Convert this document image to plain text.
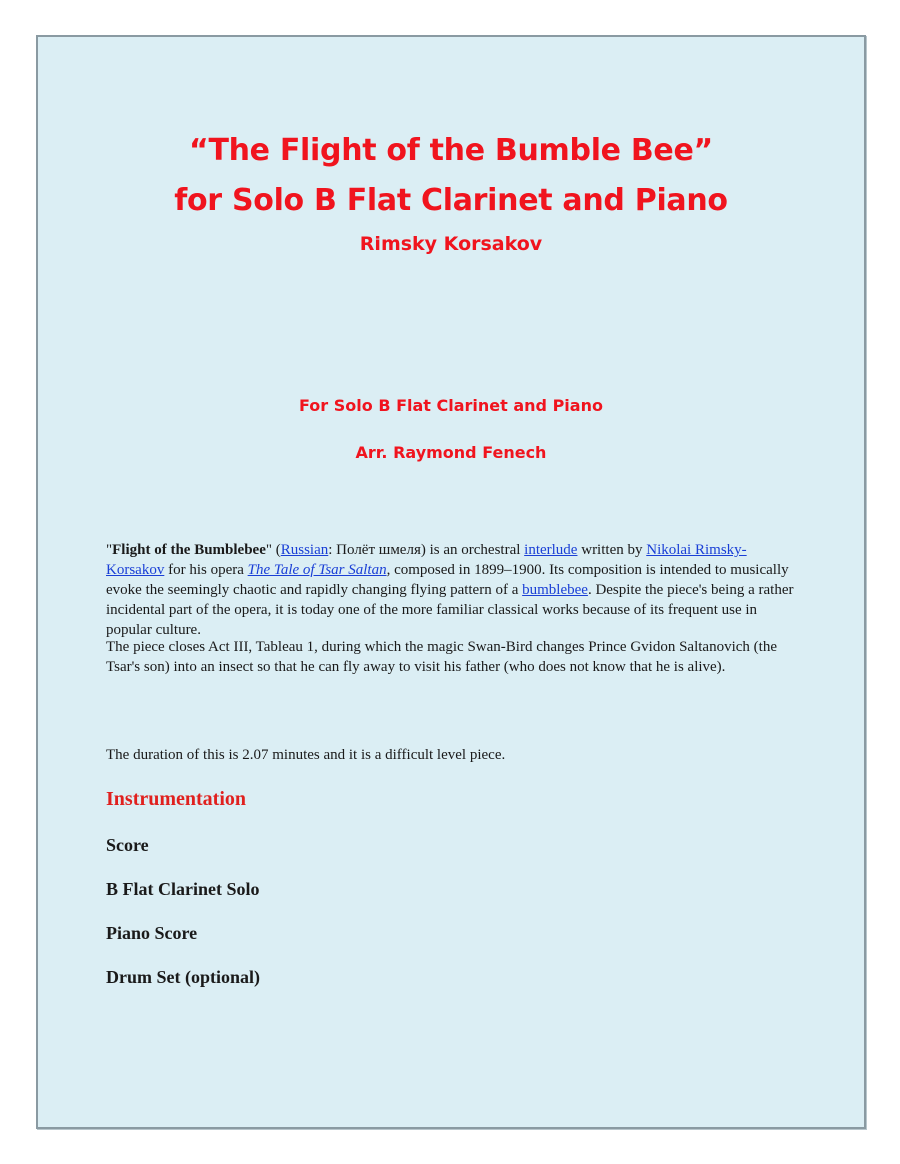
“The Flight of the Bumble Bee”
for Solo B Flat Clarinet and Piano
Rimsky Korsakov
For Solo B Flat Clarinet and Piano
Arr. Raymond Fenech
"Flight of the Bumblebee" (Russian: Полёт шмеля) is an orchestral interlude written by Nikolai Rimsky-Korsakov for his opera The Tale of Tsar Saltan, composed in 1899–1900. Its composition is intended to musically evoke the seemingly chaotic and rapidly changing flying pattern of a bumblebee. Despite the piece's being a rather incidental part of the opera, it is today one of the more familiar classical works because of its frequent use in popular culture.
The piece closes Act III, Tableau 1, during which the magic Swan-Bird changes Prince Gvidon Saltanovich (the Tsar's son) into an insect so that he can fly away to visit his father (who does not know that he is alive).
The duration of this is 2.07 minutes and it is a difficult level piece.
Instrumentation
Score
B Flat Clarinet Solo
Piano Score
Drum Set (optional)
